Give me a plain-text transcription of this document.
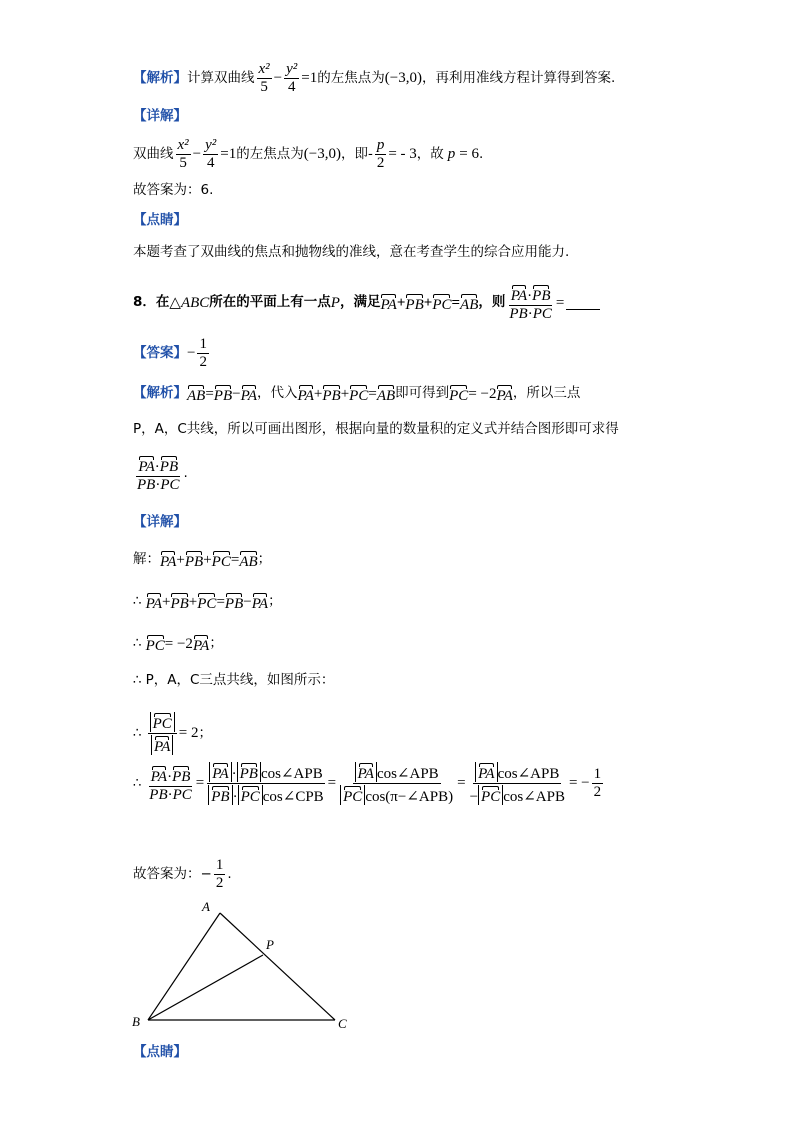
【解析】 计算双曲线 $\frac{\text{x²}}{5} - \frac{\text{y²}}{4} =1$ 的左焦点为 (−3,0) ，再利用准线方程计算得到答案.
【详解】
双曲线 $\frac{\text{x²}}{5} - \frac{\text{y²}}{4} =1$ 的左焦点为 (−3,0) ，即- $\frac{p}{2}$ = - 3 ，故 p = 6 .
故答案为：6.
【点睛】
本题考查了双曲线的焦点和抛物线的准线，意在考查学生的综合应用能力.
8．在 △ABC 所在的平面上有一点 P ，满足 PA + PB + PC = AB ，则 $\frac{PA\cdot PB}{PB\cdot PC}$ =
【答案】 − $\frac{1}{2}$
【解析】 AB = PB − PA ，代入 PA + PB + PC = AB 即可得到 PC = −2 PA ，所以三点
P，A，C共线，所以可画出图形，根据向量的数量积的定义式并结合图形即可求得
$\frac{PA\cdot PB}{PB\cdot PC}$ .
【详解】
解： PA + PB + PC = AB ；
∴ PA + PB + PC = PB − PA ；
∴ PC = −2 PA ；
∴ P，A，C三点共线，如图所示：
∴ $\frac{PC}{PA} = 2$ ；
∴ $\frac{PA\cdot PB}{PB\cdot PC} = \frac{\text{PA · PB cos∠APB}}{\text{PB · PC cos∠CPB}} = \frac{\text{PA cos∠APB}}{\text{PC cos(π−∠APB)}} = \frac{\text{PA cos∠APB}}{\text{− PC cos∠APB}}$ = − $\frac{1}{2}$
故答案为：− $\frac{1}{2}$ .
A
P
B	C
【点睛】
